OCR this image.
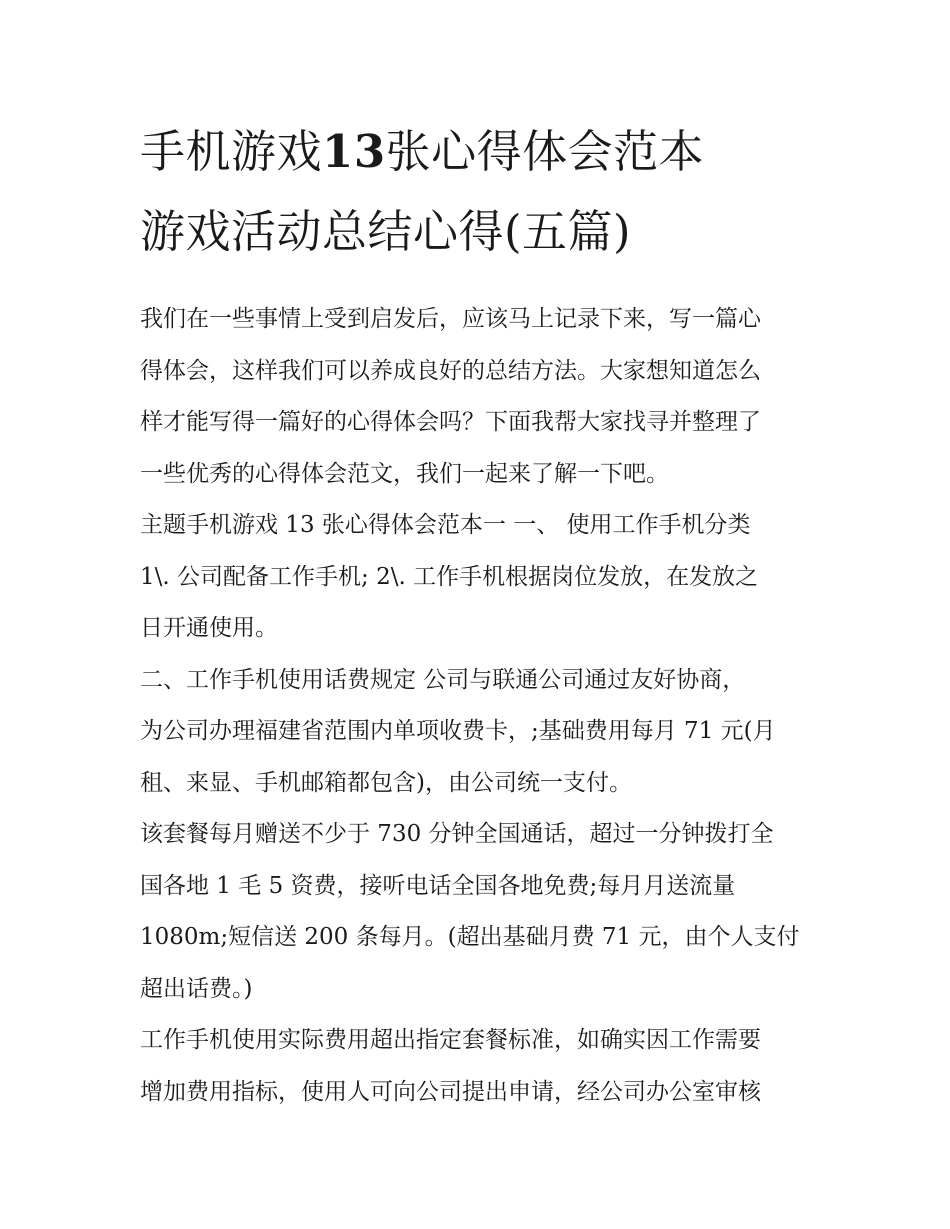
手机游戏13张心得体会范本
游戏活动总结心得(五篇)

我们在一些事情上受到启发后，应该马上记录下来，写一篇心
得体会，这样我们可以养成良好的总结方法。大家想知道怎么
样才能写得一篇好的心得体会吗？下面我帮大家找寻并整理了
一些优秀的心得体会范文，我们一起来了解一下吧。

主题手机游戏 13 张心得体会范本一 一、 使用工作手机分类
1\. 公司配备工作手机; 2\. 工作手机根据岗位发放，在发放之
日开通使用。

二、工作手机使用话费规定 公司与联通公司通过友好协商，
为公司办理福建省范围内单项收费卡，;基础费用每月 71 元(月
租、来显、手机邮箱都包含)，由公司统一支付。

该套餐每月赠送不少于 730 分钟全国通话，超过一分钟拨打全
国各地 1 毛 5 资费，接听电话全国各地免费;每月月送流量
1080m;短信送 200 条每月。(超出基础月费 71 元，由个人支付
超出话费。)

工作手机使用实际费用超出指定套餐标准，如确实因工作需要
增加费用指标，使用人可向公司提出申请，经公司办公室审核
